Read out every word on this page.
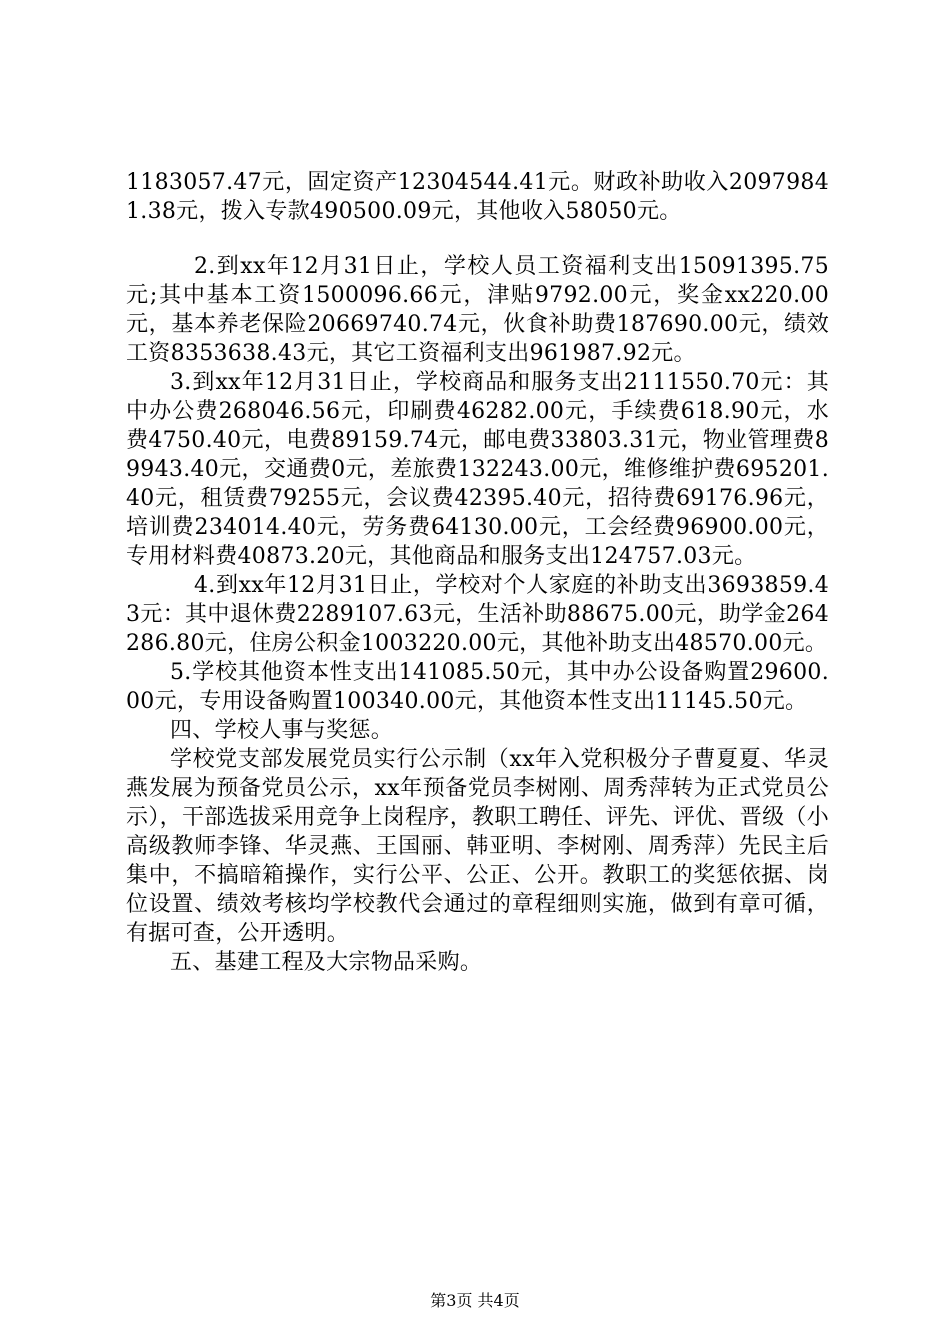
1183057.47元，固定资产12304544.41元。财政补助收入20979841.38元，拨入专款490500.09元，其他收入58050元。

2.到xx年12月31日止，学校人员工资福利支出15091395.75元;其中基本工资1500096.66元，津贴9792.00元，奖金xx220.00元，基本养老保险20669740.74元，伙食补助费187690.00元，绩效工资8353638.43元，其它工资福利支出961987.92元。

3.到xx年12月31日止，学校商品和服务支出2111550.70元：其中办公费268046.56元，印刷费46282.00元，手续费618.90元，水费4750.40元，电费89159.74元，邮电费33803.31元，物业管理费89943.40元，交通费0元，差旅费132243.00元，维修维护费695201.40元，租赁费79255元，会议费42395.40元，招待费69176.96元，培训费234014.40元，劳务费64130.00元，工会经费96900.00元，专用材料费40873.20元，其他商品和服务支出124757.03元。

4.到xx年12月31日止，学校对个人家庭的补助支出3693859.43元：其中退休费2289107.63元，生活补助88675.00元，助学金264286.80元，住房公积金1003220.00元，其他补助支出48570.00元。

5.学校其他资本性支出141085.50元，其中办公设备购置29600.00元，专用设备购置100340.00元，其他资本性支出11145.50元。

四、学校人事与奖惩。

学校党支部发展党员实行公示制（xx年入党积极分子曹夏夏、华灵燕发展为预备党员公示，xx年预备党员李树刚、周秀萍转为正式党员公示），干部选拔采用竞争上岗程序，教职工聘任、评先、评优、晋级（小高级教师李锋、华灵燕、王国丽、韩亚明、李树刚、周秀萍）先民主后集中，不搞暗箱操作，实行公平、公正、公开。教职工的奖惩依据、岗位设置、绩效考核均学校教代会通过的章程细则实施，做到有章可循，有据可查，公开透明。

五、基建工程及大宗物品采购。

第3页 共4页
